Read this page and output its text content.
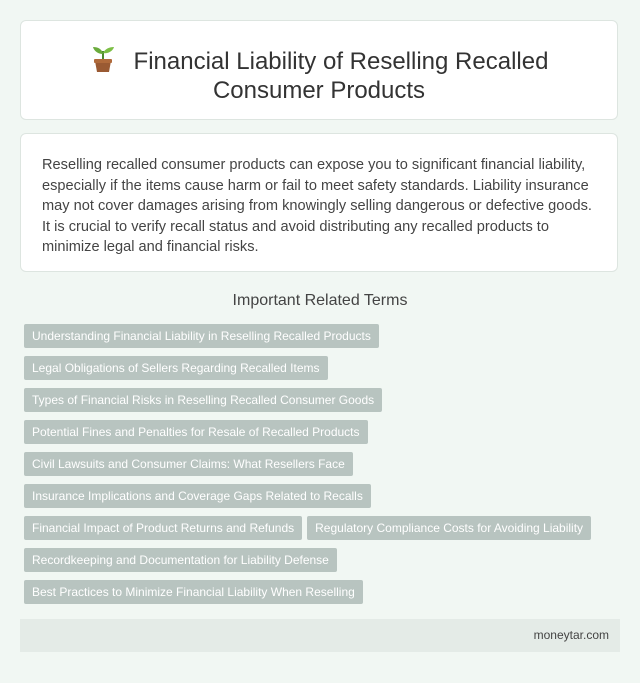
Financial Liability of Reselling Recalled
Consumer Products

Reselling recalled consumer products can expose you to significant financial liability, especially if the items cause harm or fail to meet safety standards. Liability insurance may not cover damages arising from knowingly selling dangerous or defective goods. It is crucial to verify recall status and avoid distributing any recalled products to minimize legal and financial risks.

Important Related Terms
Understanding Financial Liability in Reselling Recalled Products
Legal Obligations of Sellers Regarding Recalled Items
Types of Financial Risks in Reselling Recalled Consumer Goods
Potential Fines and Penalties for Resale of Recalled Products
Civil Lawsuits and Consumer Claims: What Resellers Face
Insurance Implications and Coverage Gaps Related to Recalls
Financial Impact of Product Returns and Refunds Regulatory Compliance Costs for Avoiding Liability
Recordkeeping and Documentation for Liability Defense
Best Practices to Minimize Financial Liability When Reselling
moneytar.com
